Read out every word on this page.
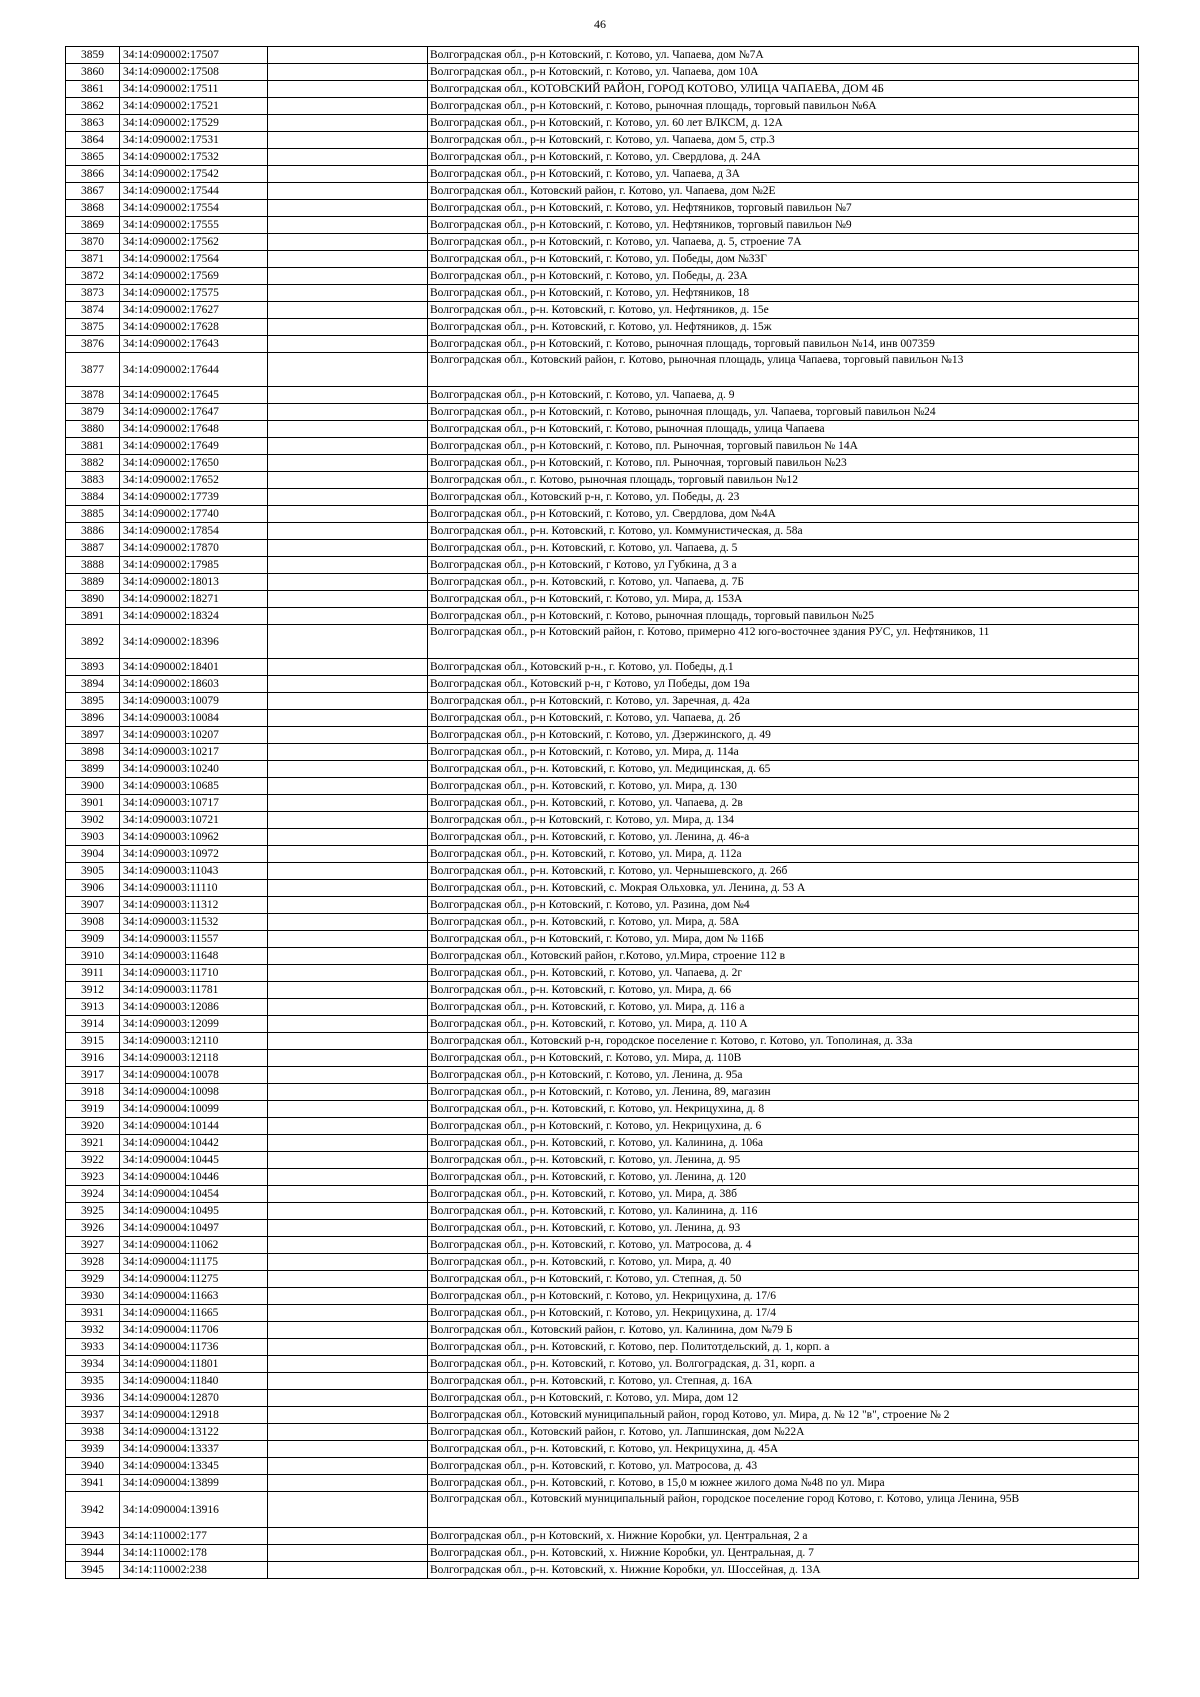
46
3859	34:14:090002:17507		Волгоградская обл., р-н Котовский, г. Котово, ул. Чапаева, дом №7А
3860	34:14:090002:17508		Волгоградская обл., р-н Котовский, г. Котово, ул. Чапаева, дом 10А
3861	34:14:090002:17511		Волгоградская обл., КОТОВСКИЙ РАЙОН, ГОРОД КОТОВО, УЛИЦА ЧАПАЕВА, ДОМ 4Б
3862	34:14:090002:17521		Волгоградская обл., р-н Котовский, г. Котово, рыночная площадь, торговый павильон №6А
3863	34:14:090002:17529		Волгоградская обл., р-н Котовский, г. Котово, ул. 60 лет ВЛКСМ, д. 12А
3864	34:14:090002:17531		Волгоградская обл., р-н Котовский, г. Котово, ул. Чапаева, дом 5, стр.3
3865	34:14:090002:17532		Волгоградская обл., р-н Котовский, г. Котово, ул. Свердлова, д. 24А
3866	34:14:090002:17542		Волгоградская обл., р-н Котовский, г. Котово, ул. Чапаева, д 3А
3867	34:14:090002:17544		Волгоградская обл., Котовский район, г. Котово, ул. Чапаева, дом №2Е
3868	34:14:090002:17554		Волгоградская обл., р-н Котовский, г. Котово, ул. Нефтяников, торговый павильон №7
3869	34:14:090002:17555		Волгоградская обл., р-н Котовский, г. Котово, ул. Нефтяников, торговый павильон №9
3870	34:14:090002:17562		Волгоградская обл., р-н Котовский, г. Котово, ул. Чапаева, д. 5, строение 7А
3871	34:14:090002:17564		Волгоградская обл., р-н Котовский, г. Котово, ул. Победы, дом №33Г
3872	34:14:090002:17569		Волгоградская обл., р-н Котовский, г. Котово, ул. Победы, д. 23А
3873	34:14:090002:17575		Волгоградская обл., р-н Котовский, г. Котово, ул. Нефтяников, 18
3874	34:14:090002:17627		Волгоградская обл., р-н. Котовский, г. Котово, ул. Нефтяников, д. 15е
3875	34:14:090002:17628		Волгоградская обл., р-н. Котовский, г. Котово, ул. Нефтяников, д. 15ж
3876	34:14:090002:17643		Волгоградская обл., р-н Котовский, г. Котово, рыночная площадь, торговый павильон №14, инв 007359
3877	34:14:090002:17644		Волгоградская обл., Котовский район, г. Котово, рыночная площадь, улица Чапаева, торговый павильон №13
3878	34:14:090002:17645		Волгоградская обл., р-н Котовский, г. Котово, ул. Чапаева, д. 9
3879	34:14:090002:17647		Волгоградская обл., р-н Котовский, г. Котово, рыночная площадь, ул. Чапаева, торговый павильон №24
3880	34:14:090002:17648		Волгоградская обл., р-н Котовский, г. Котово, рыночная площадь, улица Чапаева
3881	34:14:090002:17649		Волгоградская обл., р-н Котовский, г. Котово, пл. Рыночная, торговый павильон № 14А
3882	34:14:090002:17650		Волгоградская обл., р-н Котовский, г. Котово, пл. Рыночная, торговый павильон №23
3883	34:14:090002:17652		Волгоградская обл., г. Котово, рыночная площадь, торговый павильон №12
3884	34:14:090002:17739		Волгоградская обл., Котовский р-н, г. Котово, ул. Победы, д. 23
3885	34:14:090002:17740		Волгоградская обл., р-н Котовский, г. Котово, ул. Свердлова, дом №4А
3886	34:14:090002:17854		Волгоградская обл., р-н. Котовский, г. Котово, ул. Коммунистическая, д. 58а
3887	34:14:090002:17870		Волгоградская обл., р-н. Котовский, г. Котово, ул. Чапаева, д. 5
3888	34:14:090002:17985		Волгоградская обл., р-н Котовский, г Котово, ул Губкина, д 3 а
3889	34:14:090002:18013		Волгоградская обл., р-н. Котовский, г. Котово, ул. Чапаева, д. 7Б
3890	34:14:090002:18271		Волгоградская обл., р-н Котовский, г. Котово, ул. Мира, д. 153А
3891	34:14:090002:18324		Волгоградская обл., р-н Котовский, г. Котово, рыночная площадь, торговый павильон №25
3892	34:14:090002:18396		Волгоградская обл., р-н Котовский район, г. Котово, примерно 412 юго-восточнее здания РУС, ул. Нефтяников, 11
3893	34:14:090002:18401		Волгоградская обл., Котовский р-н., г. Котово, ул. Победы, д.1
3894	34:14:090002:18603		Волгоградская обл., Котовский р-н, г Котово, ул Победы, дом 19а
3895	34:14:090003:10079		Волгоградская обл., р-н Котовский, г. Котово, ул. Заречная, д. 42а
3896	34:14:090003:10084		Волгоградская обл., р-н Котовский, г. Котово, ул. Чапаева, д. 2б
3897	34:14:090003:10207		Волгоградская обл., р-н Котовский, г. Котово, ул. Дзержинского, д. 49
3898	34:14:090003:10217		Волгоградская обл., р-н Котовский, г. Котово, ул. Мира, д. 114а
3899	34:14:090003:10240		Волгоградская обл., р-н. Котовский, г. Котово, ул. Медицинская, д. 65
3900	34:14:090003:10685		Волгоградская обл., р-н. Котовский, г. Котово, ул. Мира, д. 130
3901	34:14:090003:10717		Волгоградская обл., р-н. Котовский, г. Котово, ул. Чапаева, д. 2в
3902	34:14:090003:10721		Волгоградская обл., р-н Котовский, г. Котово, ул. Мира, д. 134
3903	34:14:090003:10962		Волгоградская обл., р-н. Котовский, г. Котово, ул. Ленина, д. 46-а
3904	34:14:090003:10972		Волгоградская обл., р-н. Котовский, г. Котово, ул. Мира, д. 112а
3905	34:14:090003:11043		Волгоградская обл., р-н. Котовский, г. Котово, ул. Чернышевского, д. 26б
3906	34:14:090003:11110		Волгоградская обл., р-н. Котовский, с. Мокрая Ольховка, ул. Ленина, д. 53 А
3907	34:14:090003:11312		Волгоградская обл., р-н Котовский, г. Котово, ул. Разина, дом №4
3908	34:14:090003:11532		Волгоградская обл., р-н. Котовский, г. Котово, ул. Мира, д. 58А
3909	34:14:090003:11557		Волгоградская обл., р-н Котовский, г. Котово, ул. Мира, дом № 116Б
3910	34:14:090003:11648		Волгоградская обл., Котовский район, г.Котово, ул.Мира, строение 112 в
3911	34:14:090003:11710		Волгоградская обл., р-н. Котовский, г. Котово, ул. Чапаева, д. 2г
3912	34:14:090003:11781		Волгоградская обл., р-н. Котовский, г. Котово, ул. Мира, д. 66
3913	34:14:090003:12086		Волгоградская обл., р-н. Котовский, г. Котово, ул. Мира, д. 116 а
3914	34:14:090003:12099		Волгоградская обл., р-н. Котовский, г. Котово, ул. Мира, д. 110 А
3915	34:14:090003:12110		Волгоградская обл., Котовский р-н, городское поселение г. Котово, г. Котово, ул. Тополиная, д. 33а
3916	34:14:090003:12118		Волгоградская обл., р-н Котовский, г. Котово, ул. Мира, д. 110В
3917	34:14:090004:10078		Волгоградская обл., р-н Котовский, г. Котово, ул. Ленина, д. 95а
3918	34:14:090004:10098		Волгоградская обл., р-н Котовский, г. Котово, ул. Ленина, 89, магазин
3919	34:14:090004:10099		Волгоградская обл., р-н. Котовский, г. Котово, ул. Некрицухина, д. 8
3920	34:14:090004:10144		Волгоградская обл., р-н Котовский, г. Котово, ул. Некрицухина, д. 6
3921	34:14:090004:10442		Волгоградская обл., р-н. Котовский, г. Котово, ул. Калинина, д. 106а
3922	34:14:090004:10445		Волгоградская обл., р-н. Котовский, г. Котово, ул. Ленина, д. 95
3923	34:14:090004:10446		Волгоградская обл., р-н. Котовский, г. Котово, ул. Ленина, д. 120
3924	34:14:090004:10454		Волгоградская обл., р-н. Котовский, г. Котово, ул. Мира, д. 38б
3925	34:14:090004:10495		Волгоградская обл., р-н. Котовский, г. Котово, ул. Калинина, д. 116
3926	34:14:090004:10497		Волгоградская обл., р-н. Котовский, г. Котово, ул. Ленина, д. 93
3927	34:14:090004:11062		Волгоградская обл., р-н. Котовский, г. Котово, ул. Матросова, д. 4
3928	34:14:090004:11175		Волгоградская обл., р-н. Котовский, г. Котово, ул. Мира, д. 40
3929	34:14:090004:11275		Волгоградская обл., р-н Котовский, г. Котово, ул. Степная, д. 50
3930	34:14:090004:11663		Волгоградская обл., р-н Котовский, г. Котово, ул. Некрицухина, д. 17/6
3931	34:14:090004:11665		Волгоградская обл., р-н Котовский, г. Котово, ул. Некрицухина, д. 17/4
3932	34:14:090004:11706		Волгоградская обл., Котовский район, г. Котово, ул. Калинина, дом №79 Б
3933	34:14:090004:11736		Волгоградская обл., р-н. Котовский, г. Котово, пер. Политотдельский, д. 1, корп. а
3934	34:14:090004:11801		Волгоградская обл., р-н. Котовский, г. Котово, ул. Волгоградская, д. 31, корп. а
3935	34:14:090004:11840		Волгоградская обл., р-н. Котовский, г. Котово, ул. Степная, д. 16А
3936	34:14:090004:12870		Волгоградская обл., р-н Котовский, г. Котово, ул. Мира, дом 12
3937	34:14:090004:12918		Волгоградская обл., Котовский муниципальный район, город Котово, ул. Мира, д. № 12 "в", строение № 2
3938	34:14:090004:13122		Волгоградская обл., Котовский район, г. Котово, ул. Лапшинская, дом №22А
3939	34:14:090004:13337		Волгоградская обл., р-н. Котовский, г. Котово, ул. Некрицухина, д. 45А
3940	34:14:090004:13345		Волгоградская обл., р-н. Котовский, г. Котово, ул. Матросова, д. 43
3941	34:14:090004:13899		Волгоградская обл., р-н. Котовский, г. Котово, в 15,0 м южнее жилого дома №48 по ул. Мира
3942	34:14:090004:13916		Волгоградская обл., Котовский муниципальный район, городское поселение город Котово, г. Котово, улица Ленина, 95В
3943	34:14:110002:177		Волгоградская обл., р-н Котовский, х. Нижние Коробки, ул. Центральная, 2 а
3944	34:14:110002:178		Волгоградская обл., р-н. Котовский, х. Нижние Коробки, ул. Центральная, д. 7
3945	34:14:110002:238		Волгоградская обл., р-н. Котовский, х. Нижние Коробки, ул. Шоссейная, д. 13А
